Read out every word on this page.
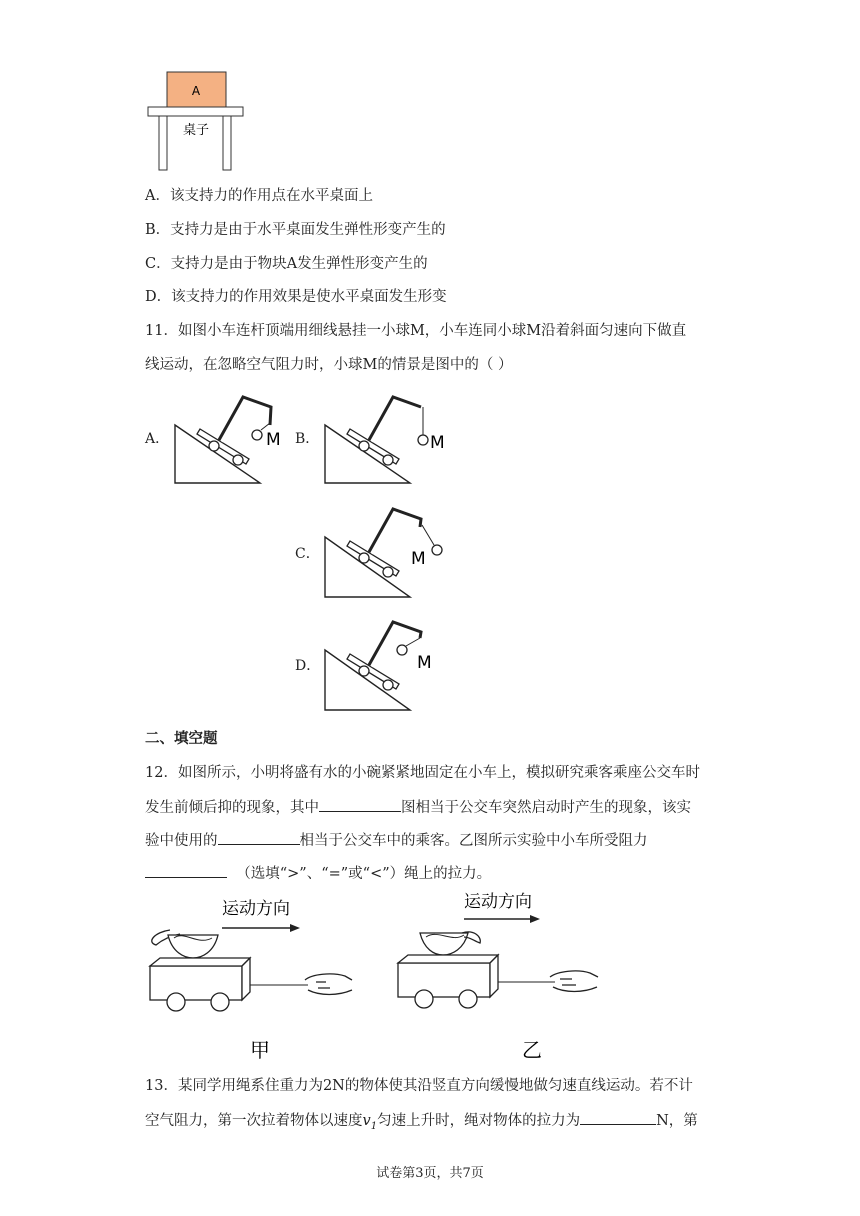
A
桌子
A．该支持力的作用点在水平桌面上
B．支持力是由于水平桌面发生弹性形变产生的
C．支持力是由于物块A发生弹性形变产生的
D．该支持力的作用效果是使水平桌面发生形变
11．如图小车连杆顶端用细线悬挂一小球M，小车连同小球M沿着斜面匀速向下做直
线运动，在忽略空气阻力时，小球M的情景是图中的（ ）
A．	M B．	M
C．	M
D．	M
二、填空题
12．如图所示，小明将盛有水的小碗紧紧地固定在小车上，模拟研究乘客乘座公交车时
发生前倾后抑的现象，其中	图相当于公交车突然启动时产生的现象，该实
验中使用的	相当于公交车中的乘客。乙图所示实验中小车所受阻力
（选填“>”、“=”或“<”）绳上的拉力。
运动方向
甲
运动方向
乙
13．某同学用绳系住重力为2N的物体使其沿竖直方向缓慢地做匀速直线运动。若不计
空气阻力，第一次拉着物体以速度$v_1$匀速上升时，绳对物体的拉力为	N，第
试卷第3页，共7页
